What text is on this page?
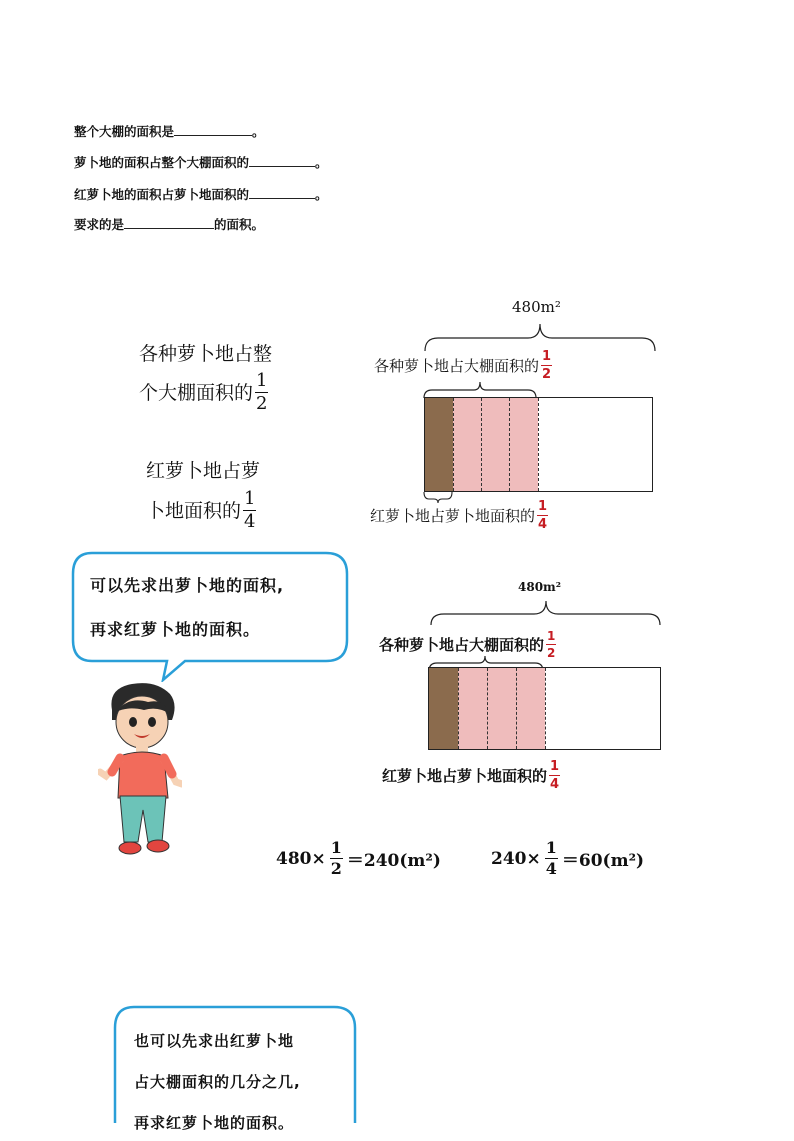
整个大棚的面积是	。
萝卜地的面积占整个大棚面积的	。
红萝卜地的面积占萝卜地面积的	。
要求的是	的面积。
各种萝卜地占整
个大棚面积的 $\frac{1}{2}$
红萝卜地占萝
卜地面积的 $\frac{1}{4}$
480m²
各种萝卜地占大棚面积的 $\frac{1}{2}$
红萝卜地占萝卜地面积的 $\frac{1}{4}$
可以先求出萝卜地的面积,
再求红萝卜地的面积。
480m²
各种萝卜地占大棚面积的 $\frac{1}{2}$
红萝卜地占萝卜地面积的 $\frac{1}{4}$
$480\times \frac{1}{2} =240(m^2)$	$240\times \frac{1}{4} =60(m^2)$
也可以先求出红萝卜地
占大棚面积的几分之几,
再求红萝卜地的面积。
